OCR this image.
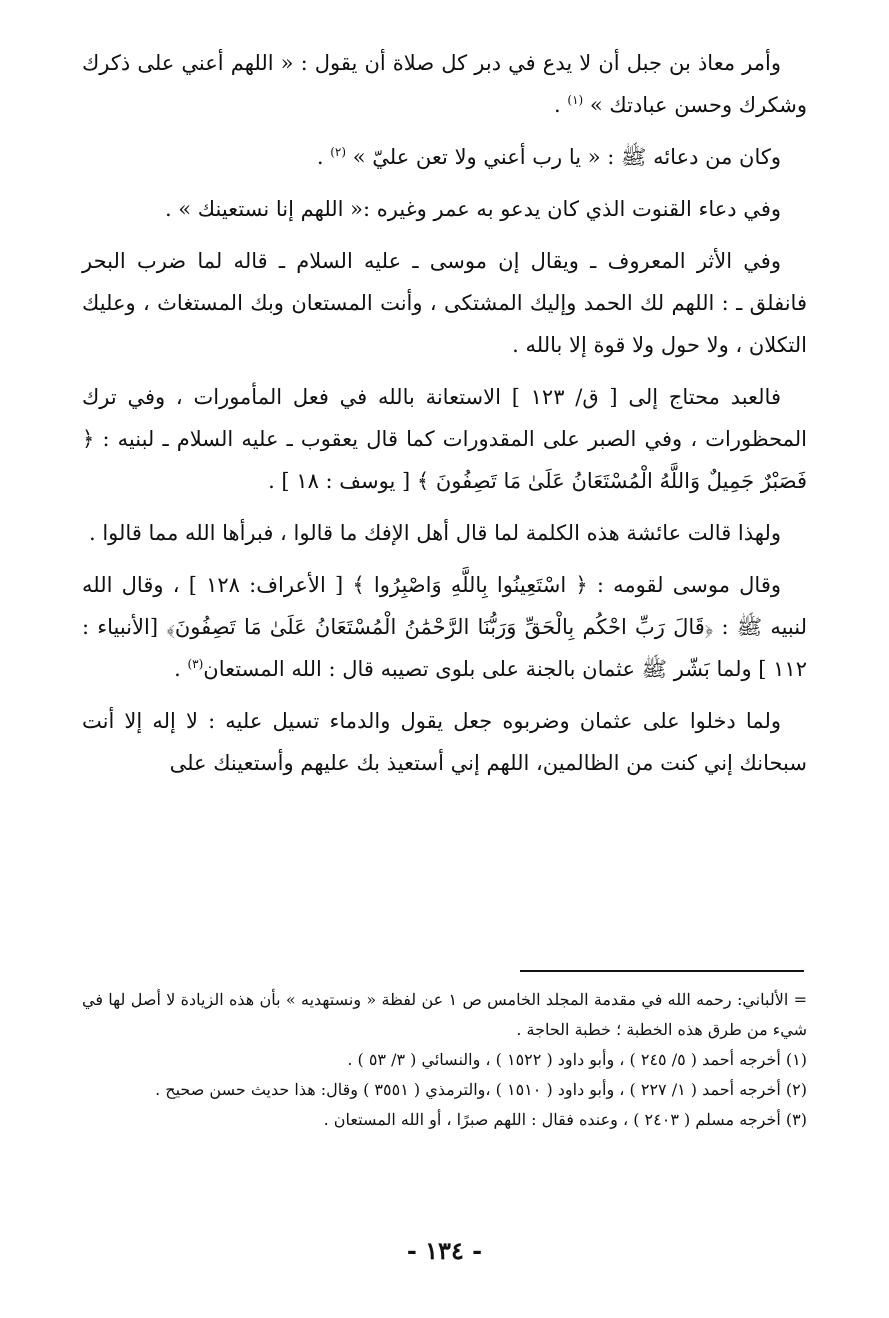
وأمر معاذ بن جبل أن لا يدع في دبر كل صلاة أن يقول : « اللهم أعني على ذكرك وشكرك وحسن عبادتك » $^{(١)}$ .

وكان من دعائه ﷺ : « يا رب أعني ولا تعن عليّ » $^{(٢)}$ .

وفي دعاء القنوت الذي كان يدعو به عمر وغيره :« اللهم إنا نستعينك » .

وفي الأثر المعروف ـ ويقال إن موسى ـ عليه السلام ـ قاله لما ضرب البحر فانفلق ـ : اللهم لك الحمد وإليك المشتكى ، وأنت المستعان وبك المستغاث ، وعليك التكلان ، ولا حول ولا قوة إلا بالله .

فالعبد محتاج إلى [ ق/ ١٢٣ ] الاستعانة بالله في فعل المأمورات ، وفي ترك المحظورات ، وفي الصبر على المقدورات كما قال يعقوب ـ عليه السلام ـ لبنيه : ﴿ فَصَبْرٌ جَمِيلٌ وَاللَّهُ الْمُسْتَعَانُ عَلَىٰ مَا تَصِفُونَ ﴾ [ يوسف : ١٨ ] .

ولهذا قالت عائشة هذه الكلمة لما قال أهل الإفك ما قالوا ، فبرأها الله مما قالوا .

وقال موسى لقومه : ﴿ اسْتَعِينُوا بِاللَّهِ وَاصْبِرُوا ﴾ [ الأعراف: ١٢٨ ] ، وقال الله لنبيه ﷺ : ﴿قَالَ رَبِّ احْكُم بِالْحَقِّ وَرَبُّنَا الرَّحْمَٰنُ الْمُسْتَعَانُ عَلَىٰ مَا تَصِفُونَ﴾ [الأنبياء : ١١٢ ] ولما بَشّر ﷺ عثمان بالجنة على بلوى تصيبه قال : الله المستعان$^{(٣)}$ .

ولما دخلوا على عثمان وضربوه جعل يقول والدماء تسيل عليه : لا إله إلا أنت سبحانك إني كنت من الظالمين، اللهم إني أستعيذ بك عليهم وأستعينك على

= الألباني: رحمه الله في مقدمة المجلد الخامس ص ١ عن لفظة « ونستهديه » بأن هذه الزيادة لا أصل لها في شيء من طرق هذه الخطبة ؛ خطبة الحاجة .

(١) أخرجه أحمد ( ٥/ ٢٤٥ ) ، وأبو داود ( ١٥٢٢ ) ، والنسائي ( ٣/ ٥٣ ) .

(٢) أخرجه أحمد ( ١/ ٢٢٧ ) ، وأبو داود ( ١٥١٠ ) ،والترمذي ( ٣٥٥١ ) وقال: هذا حديث حسن صحيح .

(٣) أخرجه مسلم ( ٢٤٠٣ ) ، وعنده فقال : اللهم صبرًا ، أو الله المستعان .

- ١٣٤ -
